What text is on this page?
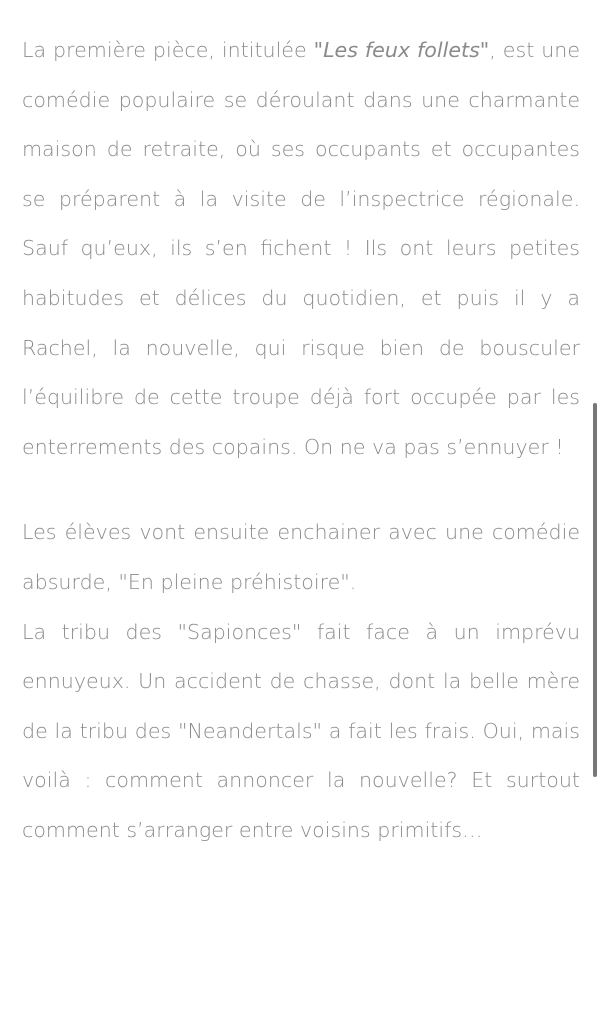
La première pièce, intitulée "Les feux follets", est une comédie populaire se déroulant dans une charmante maison de retraite, où ses occupants et occupantes se préparent à la visite de l’inspectrice régionale. Sauf qu’eux, ils s’en fichent ! Ils ont leurs petites habitudes et délices du quotidien, et puis il y a Rachel, la nouvelle, qui risque bien de bousculer l’équilibre de cette troupe déjà fort occupée par les enterrements des copains. On ne va pas s’ennuyer !

Les élèves vont ensuite enchainer avec une comédie absurde, "En pleine préhistoire".

La tribu des "Sapionces" fait face à un imprévu ennuyeux. Un accident de chasse, dont la belle mère de la tribu des "Neandertals" a fait les frais. Oui, mais voilà : comment annoncer la nouvelle? Et surtout comment s’arranger entre voisins primitifs…
